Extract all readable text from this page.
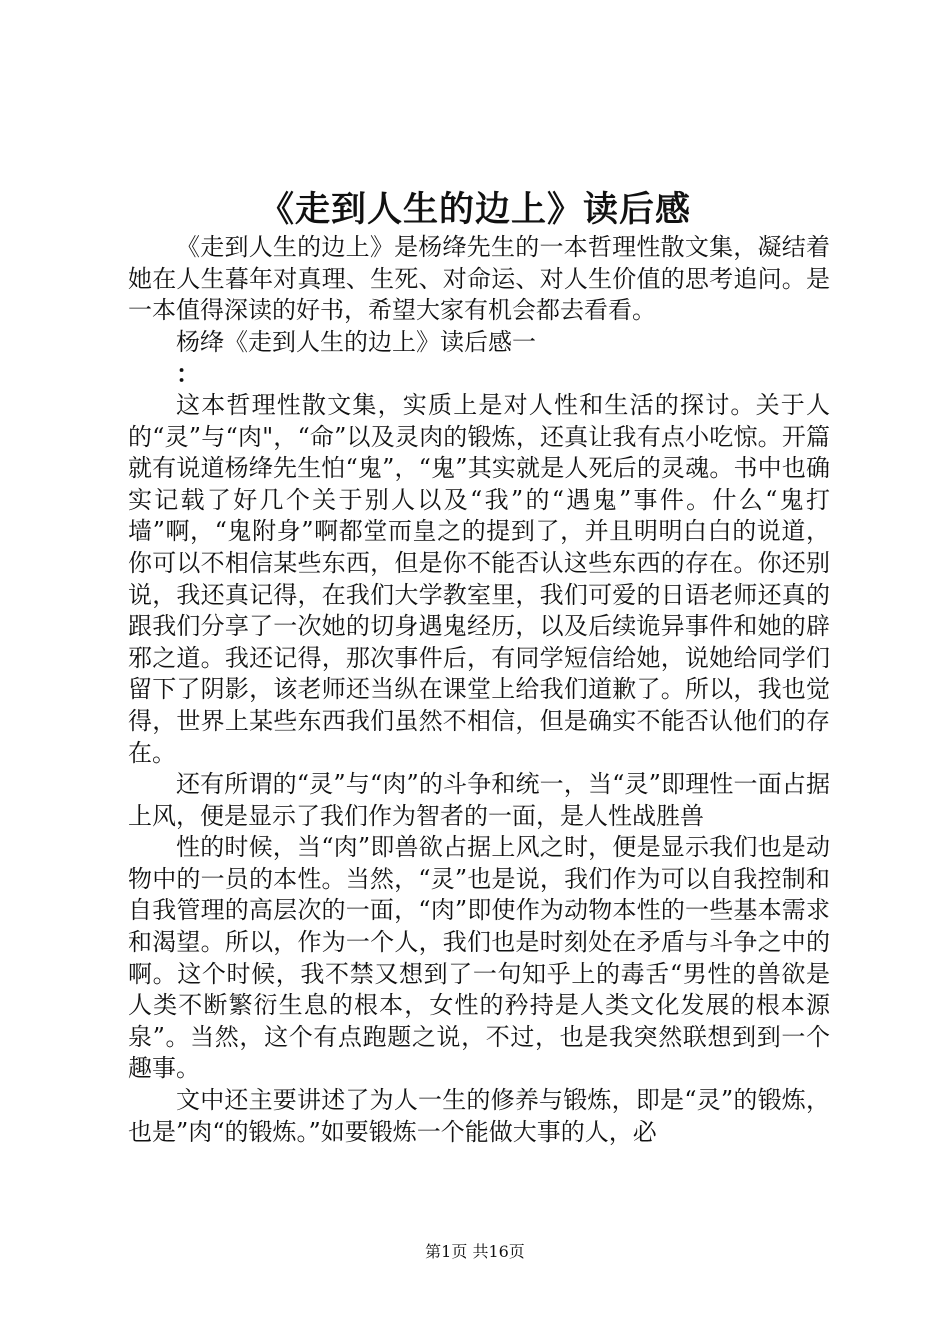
《走到人生的边上》读后感

《走到人生的边上》是杨绛先生的一本哲理性散文集，凝结着她在人生暮年对真理、生死、对命运、对人生价值的思考追问。是一本值得深读的好书，希望大家有机会都去看看。

杨绛《走到人生的边上》读后感一

：

这本哲理性散文集，实质上是对人性和生活的探讨。关于人的“灵”与“肉"，“命”以及灵肉的锻炼，还真让我有点小吃惊。开篇就有说道杨绛先生怕“鬼”，“鬼”其实就是人死后的灵魂。书中也确实记载了好几个关于别人以及“我”的“遇鬼”事件。什么“鬼打墙”啊，“鬼附身”啊都堂而皇之的提到了，并且明明白白的说道，你可以不相信某些东西，但是你不能否认这些东西的存在。你还别说，我还真记得，在我们大学教室里，我们可爱的日语老师还真的跟我们分享了一次她的切身遇鬼经历，以及后续诡异事件和她的辟邪之道。我还记得，那次事件后，有同学短信给她，说她给同学们留下了阴影，该老师还当纵在课堂上给我们道歉了。所以，我也觉得，世界上某些东西我们虽然不相信，但是确实不能否认他们的存在。

还有所谓的“灵”与“肉”的斗争和统一，当“灵”即理性一面占据上风，便是显示了我们作为智者的一面，是人性战胜兽

性的时候，当“肉”即兽欲占据上风之时，便是显示我们也是动物中的一员的本性。当然，“灵”也是说，我们作为可以自我控制和自我管理的高层次的一面，“肉”即使作为动物本性的一些基本需求和渴望。所以，作为一个人，我们也是时刻处在矛盾与斗争之中的啊。这个时候，我不禁又想到了一句知乎上的毒舌“男性的兽欲是人类不断繁衍生息的根本，女性的矜持是人类文化发展的根本源泉”。当然，这个有点跑题之说，不过，也是我突然联想到到一个趣事。

文中还主要讲述了为人一生的修养与锻炼，即是“灵”的锻炼，也是”肉“的锻炼。”如要锻炼一个能做大事的人，必

第1页 共16页
